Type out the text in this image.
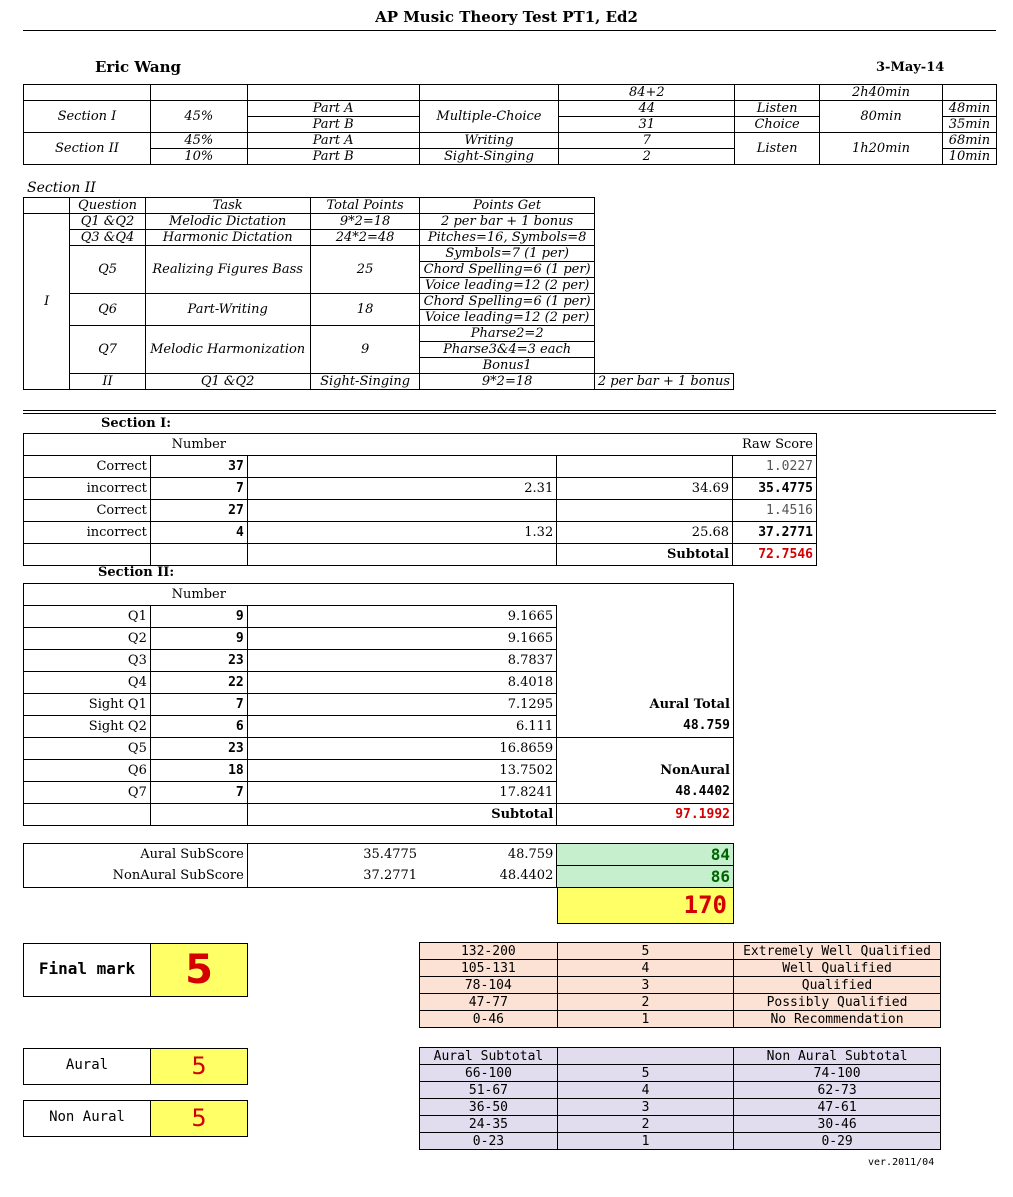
AP Music Theory Test PT1, Ed2
Eric Wang	3-May-14
				84+2		2h40min	
Section I	45%	Part A	Multiple-Choice	44	Listen	80min	48min
		Part B		31	Choice		35min
Section II	45%	Part A	Writing	7	Listen	1h20min	68min
	10%	Part B	Sight-Singing	2			10min
Section II
	Question	Task	Total Points	Points Get	
I	Q1 &Q2	Melodic Dictation	9*2=18	2 per bar + 1 bonus	
	Q3 &Q4	Harmonic Dictation	24*2=48	Pitches=16, Symbols=8	
	Q5	Realizing Figures Bass	25	Symbols=7 (1 per)	
				Chord Spelling=6 (1 per)	
				Voice leading=12 (2 per)	
	Q6	Part-Writing	18	Chord Spelling=6 (1 per)	
				Voice leading=12 (2 per)	
	Q7	Melodic Harmonization	9	Pharse2=2	
				Pharse3&4=3 each	
				Bonus1	
	II	Q1 &Q2	Sight-Singing	9*2=18	2 per bar + 1 bonus
Section I:
	Number		Raw Score	
Correct	37			1.0227
incorrect	7	2.31	34.69	35.4775
Correct	27			1.4516
incorrect	4	1.32	25.68	37.2771
			Subtotal	72.7546
Section II:
	Number		
Q1	9	9.1665	
Q2	9	9.1665	
Q3	23	8.7837	
Q4	22	8.4018	
Sight Q1	7	7.1295	Aural Total
Sight Q2	6	6.111	48.759
Q5	23	16.8659	
Q6	18	13.7502	NonAural
Q7	7	17.8241	48.4402
		Subtotal	97.1992
Aural SubScore	35.4775	48.759	84
NonAural SubScore	37.2771	48.4402	86
170
Final mark	5
Aural	5
Non Aural	5
132-200	5	Extremely Well Qualified
105-131	4	Well Qualified
78-104	3	Qualified
47-77	2	Possibly Qualified
0-46	1	No Recommendation
Aural Subtotal		Non Aural Subtotal
66-100	5	74-100
51-67	4	62-73
36-50	3	47-61
24-35	2	30-46
0-23	1	0-29
ver.2011/04
